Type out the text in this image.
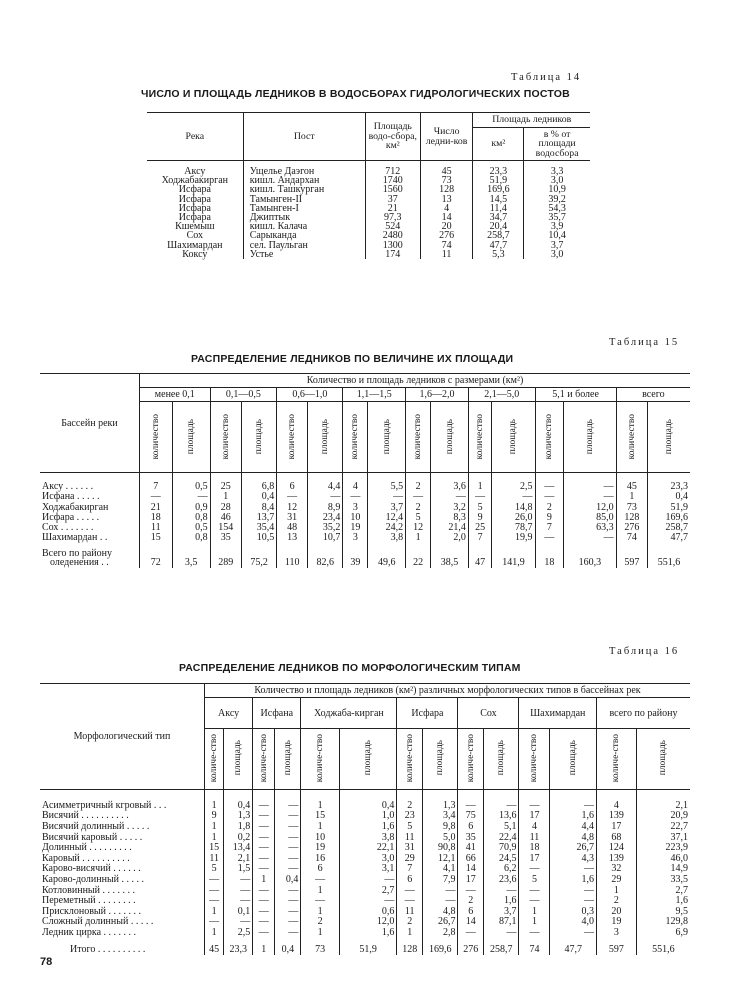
Таблица 14
ЧИСЛО И ПЛОЩАДЬ ЛЕДНИКОВ В ВОДОСБОРАХ ГИДРОЛОГИЧЕСКИХ ПОСТОВ
Река	Пост	Площадь водо-сбора, км²	Число ледни-ков	Площадь ледников	
				км²	в % от площади водосбора
Аксу	Ущелье Даэгон	712	45	23,3	3,3
Ходжабакирган	кишл. Андархан	1740	73	51,9	3,0
Исфара	кишл. Ташкурган	1560	128	169,6	10,9
Исфара	Тамынген-II	37	13	14,5	39,2
Исфара	Тамынген-I	21	4	11,4	54,3
Исфара	Джиптык	97,3	14	34,7	35,7
Кшемыш	кишл. Калача	524	20	20,4	3,9
Сох	Сарыканда	2480	276	258,7	10,4
Шахимардан	сел. Паульган	1300	74	47,7	3,7
Коксу	Устье	174	11	5,3	3,0
Таблица 15
РАСПРЕДЕЛЕНИЕ ЛЕДНИКОВ ПО ВЕЛИЧИНЕ ИХ ПЛОЩАДИ
Бассейн реки	Количество и площадь ледников с размерами (км²)															
	менее 0,1		0,1—0,5		0,6—1,0		1,1—1,5		1,6—2,0		2,1—5,0		5,1 и более		всего	
	количество	площадь	количество	площадь	количество	площадь	количество	площадь	количество	площадь	количество	площадь	количество	площадь	количество	площадь
Аксу . . . . . .	7	0,5	25	6,8	6	4,4	4	5,5	2	3,6	1	2,5	—	—	45	23,3
Исфана . . . . .	—	—	1	0,4	—	—	—	—	—	—	—	—	—	—	1	0,4
Ходжабакирган	21	0,9	28	8,4	12	8,9	3	3,7	2	3,2	5	14,8	2	12,0	73	51,9
Исфара . . . . .	18	0,8	46	13,7	31	23,4	10	12,4	5	8,3	9	26,0	9	85,0	128	169,6
Сох . . . . . . .	11	0,5	154	35,4	48	35,2	19	24,2	12	21,4	25	78,7	7	63,3	276	258,7
Шахимардан . .	15	0,8	35	10,5	13	10,7	3	3,8	1	2,0	7	19,9	—	—	74	47,7

Всего по району
оледенения . .	72	3,5	289	75,2	110	82,6	39	49,6	22	38,5	47	141,9	18	160,3	597	551,6
Таблица 16
РАСПРЕДЕЛЕНИЕ ЛЕДНИКОВ ПО МОРФОЛОГИЧЕСКИМ ТИПАМ
Морфологический тип	Количество и площадь ледников (км²) различных морфологических типов в бассейнах рек													
	Аксу		Исфана		Ходжаба-кирган		Исфара		Сох		Шахимардан		всего по району	
	количе-ство	площадь	количе-ство	площадь	количе-ство	площадь	количе-ство	площадь	количе-ство	площадь	количе-ство	площадь	количе-ство	площадь
Асимметричный кгровый . . .	1	0,4	—	—	1	0,4	2	1,3	—	—	—	—	4	2,1
Висячий . . . . . . . . . .	9	1,3	—	—	15	1,0	23	3,4	75	13,6	17	1,6	139	20,9
Висячий долинный . . . . .	1	1,8	—	—	1	1,6	5	9,8	6	5,1	4	4,4	17	22,7
Висячий каровый . . . . .	1	0,2	—	—	10	3,8	11	5,0	35	22,4	11	4,8	68	37,1
Долинный . . . . . . . . .	15	13,4	—	—	19	22,1	31	90,8	41	70,9	18	26,7	124	223,9
Каровый . . . . . . . . . .	11	2,1	—	—	16	3,0	29	12,1	66	24,5	17	4,3	139	46,0
Карово-висячий . . . . . .	5	1,5	—	—	6	3,1	7	4,1	14	6,2	—	—	32	14,9
Карово-долинный . . . . .	—	—	1	0,4	—	—	6	7,9	17	23,6	5	1,6	29	33,5
Котловинный . . . . . . .	—	—	—	—	1	2,7	—	—	—	—	—	—	1	2,7
Переметный . . . . . . . .	—	—	—	—	—	—	—	—	2	1,6	—	—	2	1,6
Присклоновый . . . . . . .	1	0,1	—	—	1	0,6	11	4,8	6	3,7	1	0,3	20	9,5
Сложный долинный . . . . .	—	—	—	—	2	12,0	2	26,7	14	87,1	1	4,0	19	129,8
Ледник цирка . . . . . . .	1	2,5	—	—	1	1,6	1	2,8	—	—	—	—	3	6,9
Итого . . . . . . . . . .	45	23,3	1	0,4	73	51,9	128	169,6	276	258,7	74	47,7	597	551,6
78
